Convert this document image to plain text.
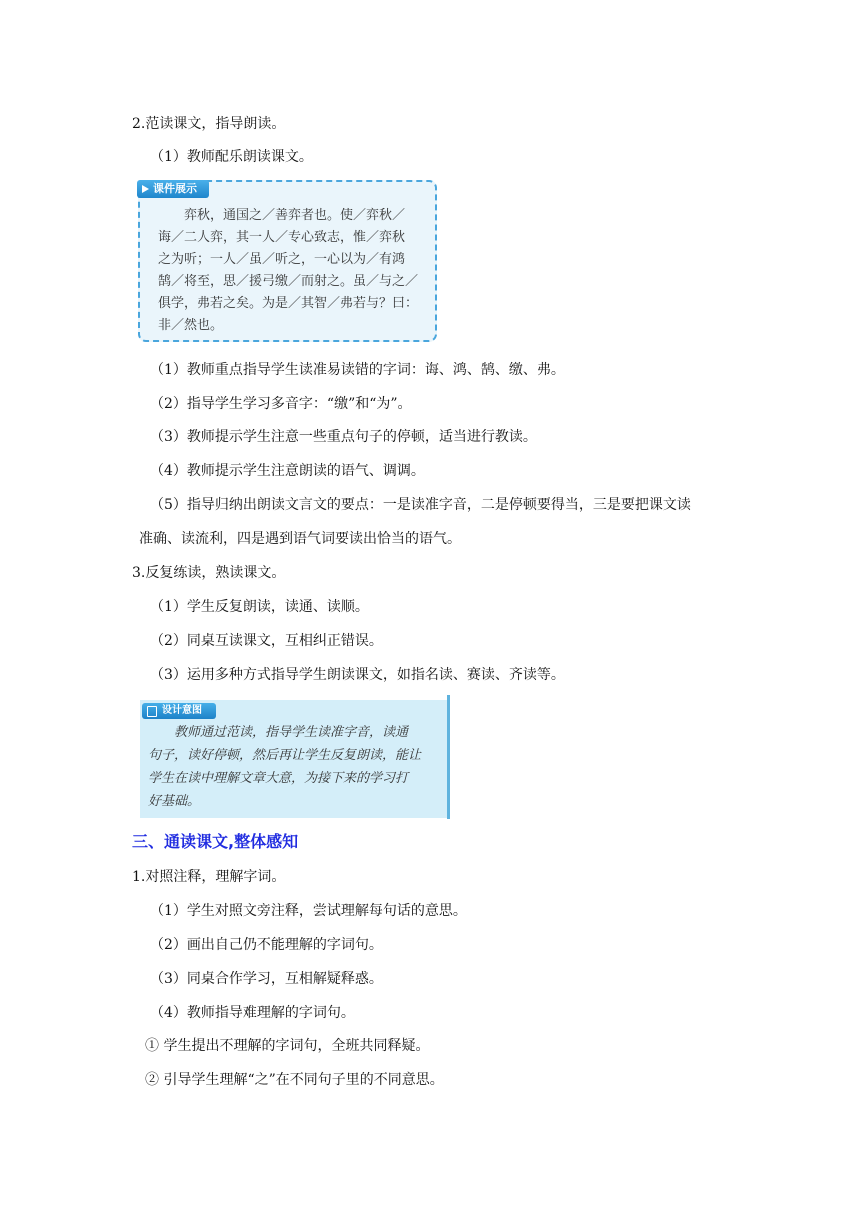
2.范读课文，指导朗读。
（1）教师配乐朗读课文。
课件展示
弈秋，通国之／善弈者也。使／弈秋／
诲／二人弈，其一人／专心致志，惟／弈秋
之为听；一人／虽／听之，一心以为／有鸿
鹄／将至，思／援弓缴／而射之。虽／与之／
俱学，弗若之矣。为是／其智／弗若与？曰：
非／然也。
（1）教师重点指导学生读准易读错的字词：诲、鸿、鹄、缴、弗。
（2）指导学生学习多音字：“缴”和“为”。
（3）教师提示学生注意一些重点句子的停顿，适当进行教读。
（4）教师提示学生注意朗读的语气、调调。
（5）指导归纳出朗读文言文的要点：一是读准字音，二是停顿要得当，三是要把课文读
准确、读流利，四是遇到语气词要读出恰当的语气。
3.反复练读，熟读课文。
（1）学生反复朗读，读通、读顺。
（2）同桌互读课文，互相纠正错误。
（3）运用多种方式指导学生朗读课文，如指名读、赛读、齐读等。
设计意图
教师通过范读，指导学生读准字音，读通
句子，读好停顿，然后再让学生反复朗读，能让
学生在读中理解文章大意，为接下来的学习打
好基础。
三、通读课文,整体感知
1.对照注释，理解字词。
（1）学生对照文旁注释，尝试理解每句话的意思。
（2）画出自己仍不能理解的字词句。
（3）同桌合作学习，互相解疑释惑。
（4）教师指导难理解的字词句。
① 学生提出不理解的字词句，全班共同释疑。
② 引导学生理解“之”在不同句子里的不同意思。
